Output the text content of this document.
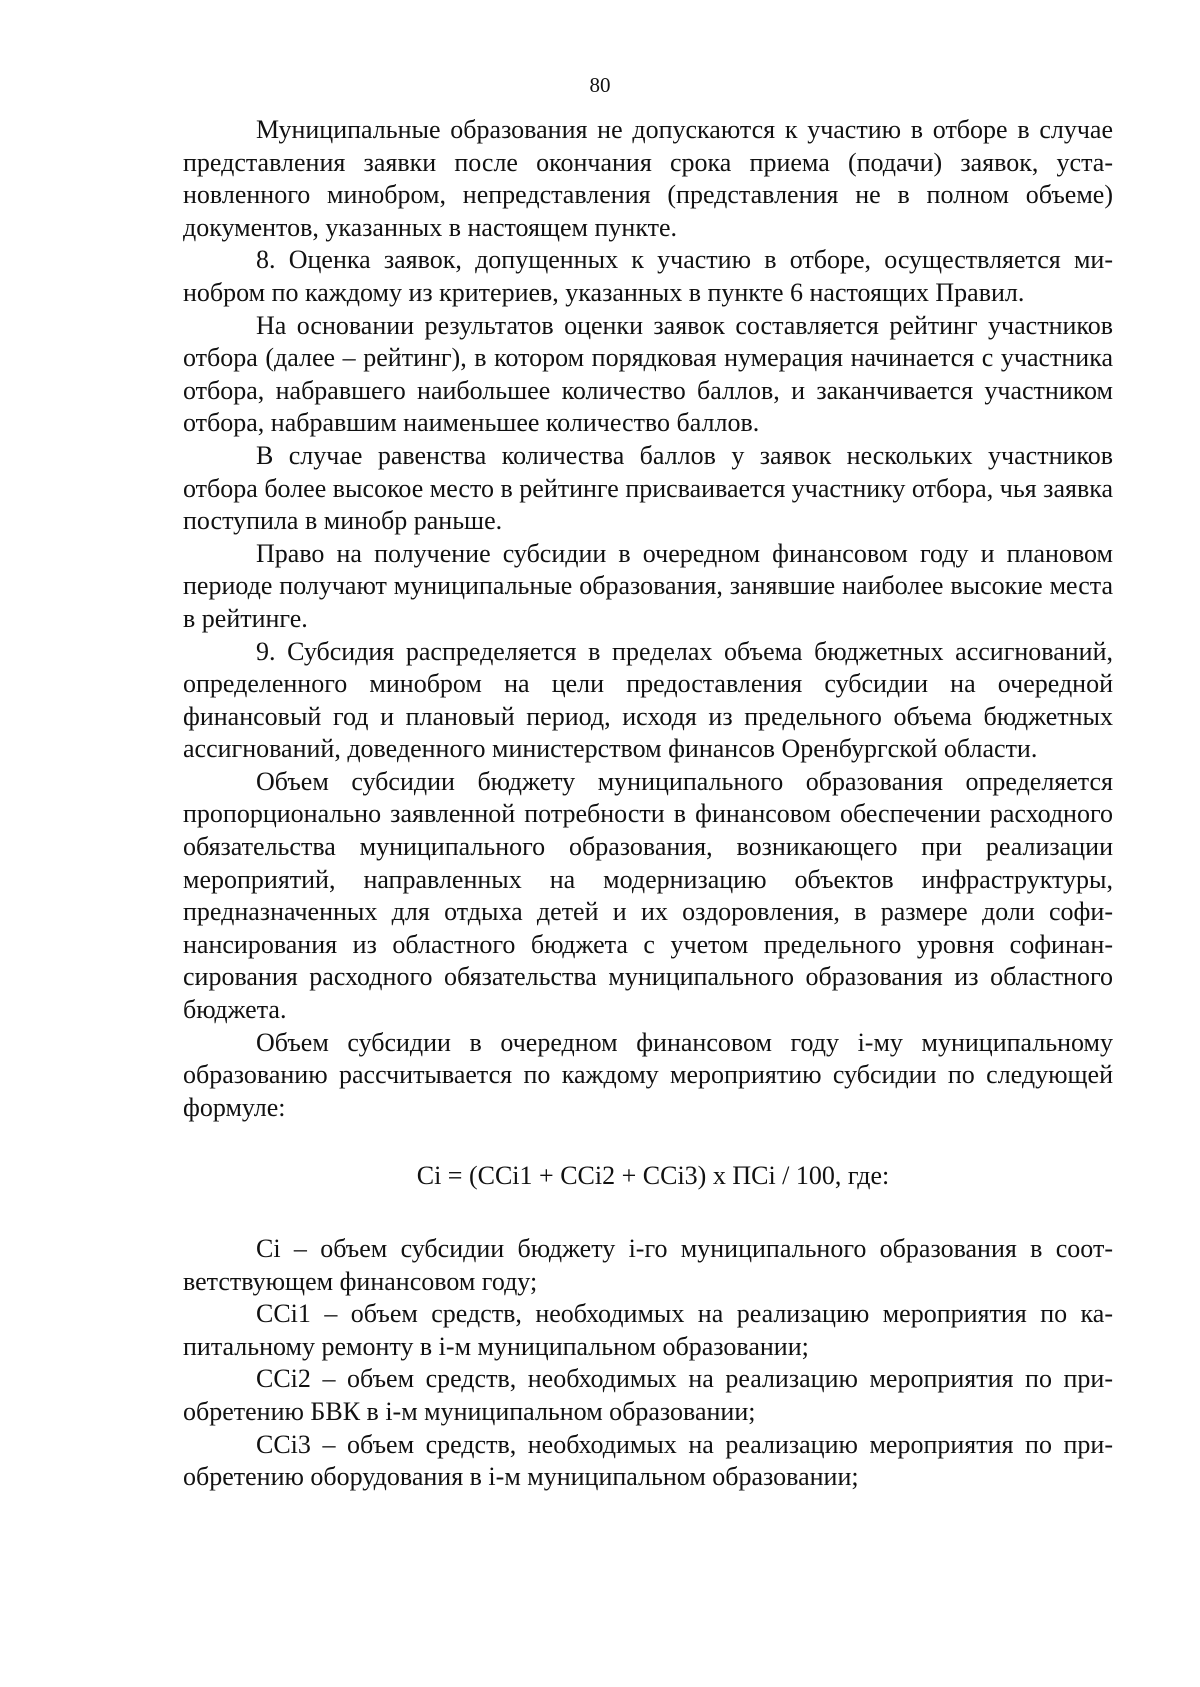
80

Муниципальные образования не допускаются к участию в отборе в случае представления заявки после окончания срока приема (подачи) заявок, установленного минобром, непредставления (представления не в полном объеме) документов, указанных в настоящем пункте.

8. Оценка заявок, допущенных к участию в отборе, осуществляется минобром по каждому из критериев, указанных в пункте 6 настоящих Правил.

На основании результатов оценки заявок составляется рейтинг участников отбора (далее – рейтинг), в котором порядковая нумерация начинается с участника отбора, набравшего наибольшее количество баллов, и заканчивается участником отбора, набравшим наименьшее количество баллов.

В случае равенства количества баллов у заявок нескольких участников отбора более высокое место в рейтинге присваивается участнику отбора, чья заявка поступила в минобр раньше.

Право на получение субсидии в очередном финансовом году и плановом периоде получают муниципальные образования, занявшие наиболее высокие места в рейтинге.

9. Субсидия распределяется в пределах объема бюджетных ассигнований, определенного минобром на цели предоставления субсидии на очередной финансовый год и плановый период, исходя из предельного объема бюджетных ассигнований, доведенного министерством финансов Оренбургской области.

Объем субсидии бюджету муниципального образования определяется пропорционально заявленной потребности в финансовом обеспечении расходного обязательства муниципального образования, возникающего при реализации мероприятий, направленных на модернизацию объектов инфраструктуры, предназначенных для отдыха детей и их оздоровления, в размере доли софинансирования из областного бюджета с учетом предельного уровня софинансирования расходного обязательства муниципального образования из областного бюджета.

Объем субсидии в очередном финансовом году i-му муниципальному образованию рассчитывается по каждому мероприятию субсидии по следующей формуле:

Ci = (ССi1 + ССi2 + ССi3) х ПСi / 100, где:

Ci – объем субсидии бюджету i-го муниципального образования в соответствующем финансовом году;

ССi1 – объем средств, необходимых на реализацию мероприятия по капитальному ремонту в i-м муниципальном образовании;

ССi2 – объем средств, необходимых на реализацию мероприятия по приобретению БВК в i-м муниципальном образовании;

ССi3 – объем средств, необходимых на реализацию мероприятия по приобретению оборудования в i-м муниципальном образовании;
